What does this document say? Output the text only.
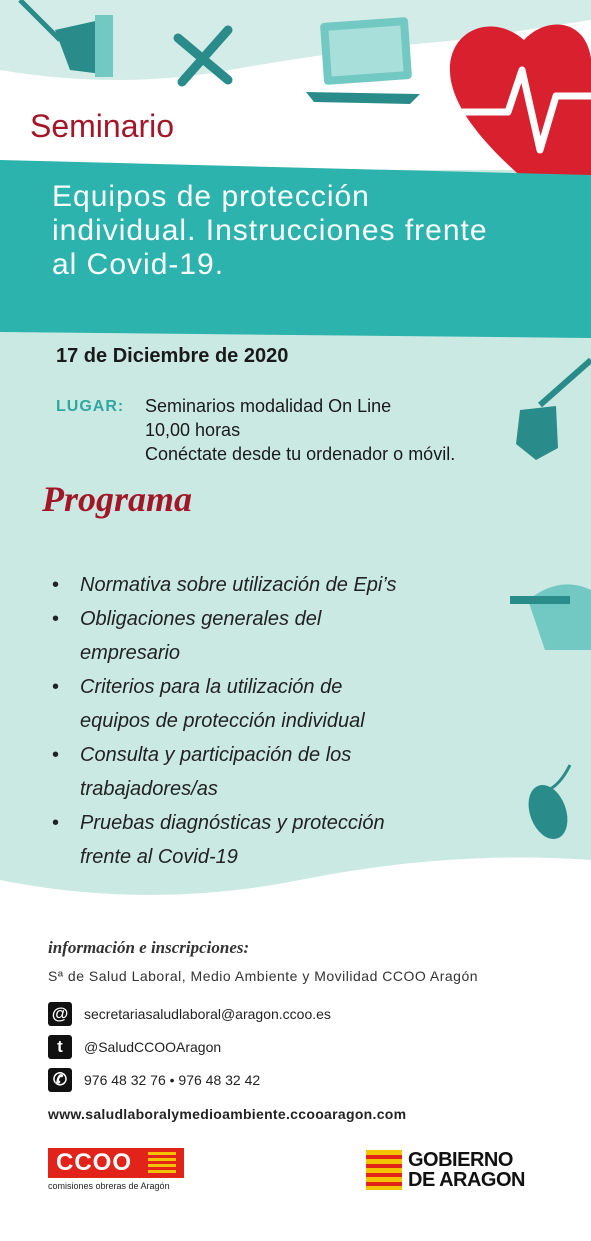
Seminario
Equipos de protección
individual. Instrucciones frente
al Covid-19.
17 de Diciembre de 2020
LUGAR: Seminarios modalidad On Line
10,00 horas
Conéctate desde tu ordenador o móvil.
Programa
• Normativa sobre utilización de Epi’s
• Obligaciones generales del
empresario
• Criterios para la utilización de
equipos de protección individual
• Consulta y participación de los
trabajadores/as
• Pruebas diagnósticas y protección
frente al Covid-19
información e inscripciones:
Sª de Salud Laboral, Medio Ambiente y Movilidad CCOO Aragón
@ secretariasaludlaboral@aragon.ccoo.es
t	@SaludCCOOAragon
✆	976 48 32 76 • 976 48 32 42
www.saludlaboralymedioambiente.ccooaragon.com
CCOO
comisiones obreras de Aragón
GOBIERNO
DE ARAGON
